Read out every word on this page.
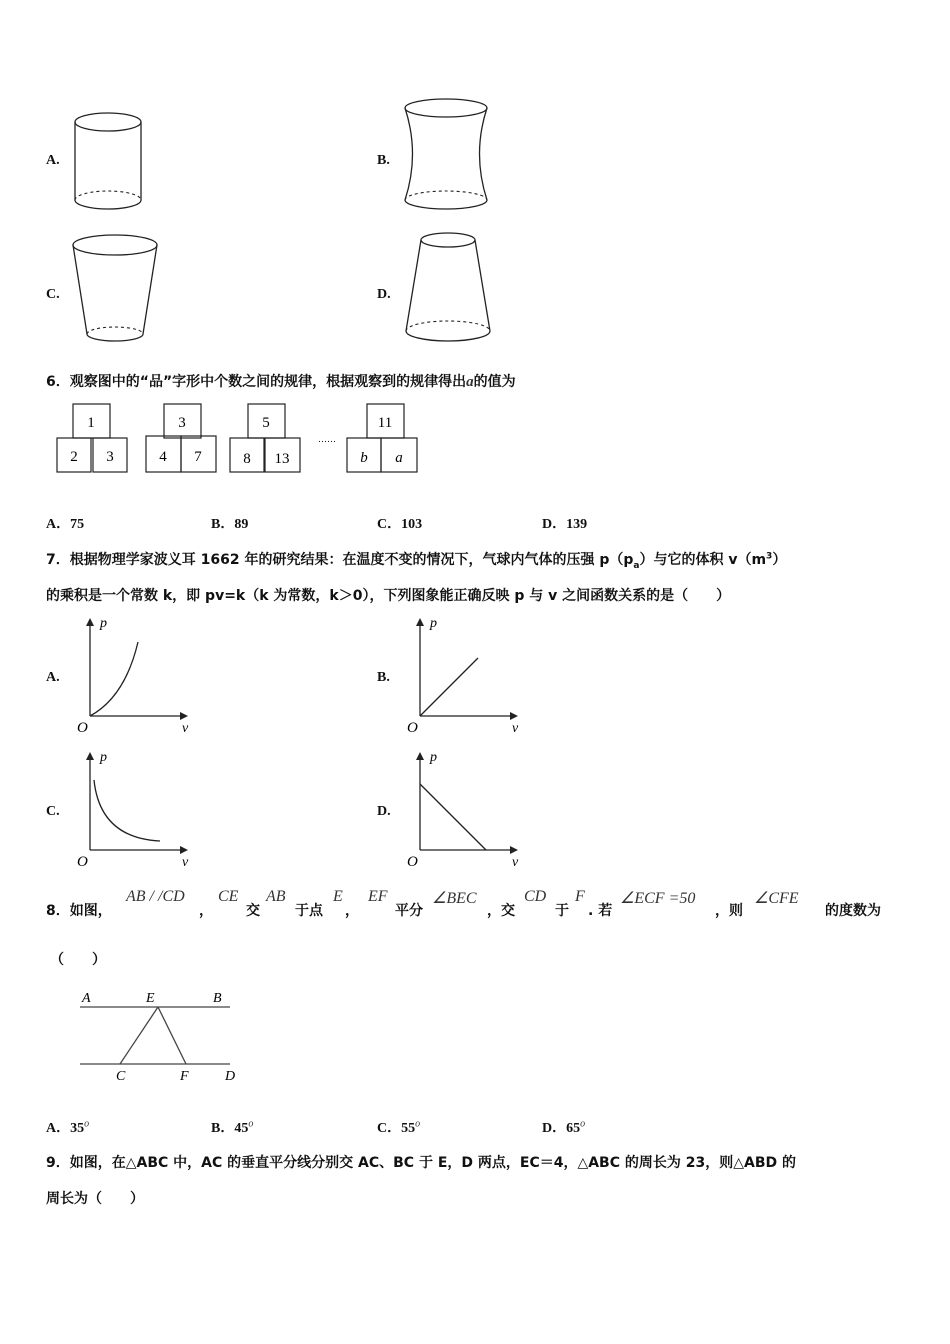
A.	B.
C.	D.
6．观察图中的“品”字形中个数之间的规律，根据观察到的规律得出a的值为
1
2 3
3
4 7
5
8 13
……
11
b a
A．75	B．89	C．103	D．139
7．根据物理学家波义耳 1662 年的研究结果：在温度不变的情况下，气球内气体的压强 $p(p_a)$与它的体积 $v(m^3)$
的乘积是一个常数 k，即 pv=k（k 为常数，k＞0），下列图象能正确反映 p 与 v 之间函数关系的是（　　）
A.
p
v
O
B.
p
v
O
C.
p
v
O
D.
p
v
O
8．如图，
AB / /CD
，
CE
交
AB
于点
E
，
EF
平分
∠BEC
，交
CD
于
F
. 若
∠ECF =50
，则
∠CFE
的度数为
（　　）
A	E	B
C	F	D
A．35$^o$	B．45$^o$	C．55$^o$	D．65$^o$
9．如图，在△ABC 中，AC 的垂直平分线分别交 AC、BC 于 E，D 两点，EC＝4，△ABC 的周长为 23，则△ABD 的
周长为（　　）
